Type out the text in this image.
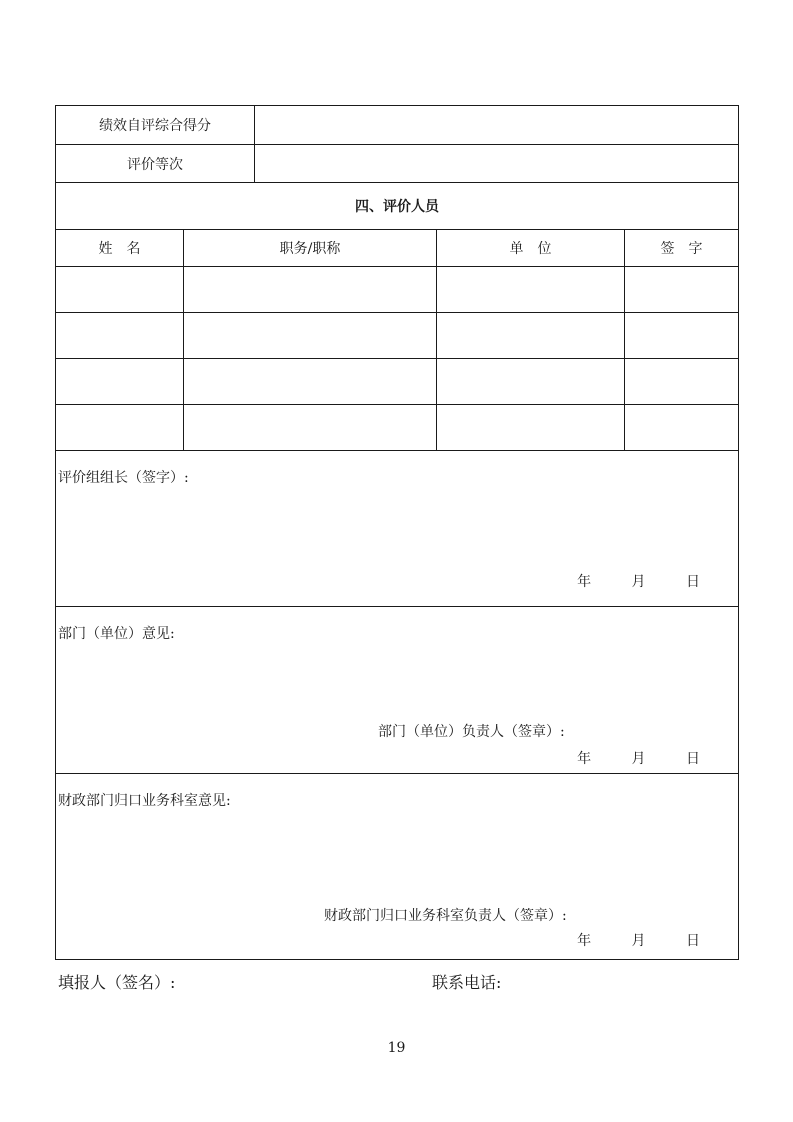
绩效自评综合得分				
评价等次				
四、评价人员				
姓　名	职务/职称		单　位	签　字

评价组组长（签字）:
年 月 日				

部门（单位）意见:
部门（单位）负责人（签章）:
年 月 日				

财政部门归口业务科室意见:
财政部门归口业务科室负责人（签章）:
年 月 日				
填报人（签名）:	联系电话:
19
